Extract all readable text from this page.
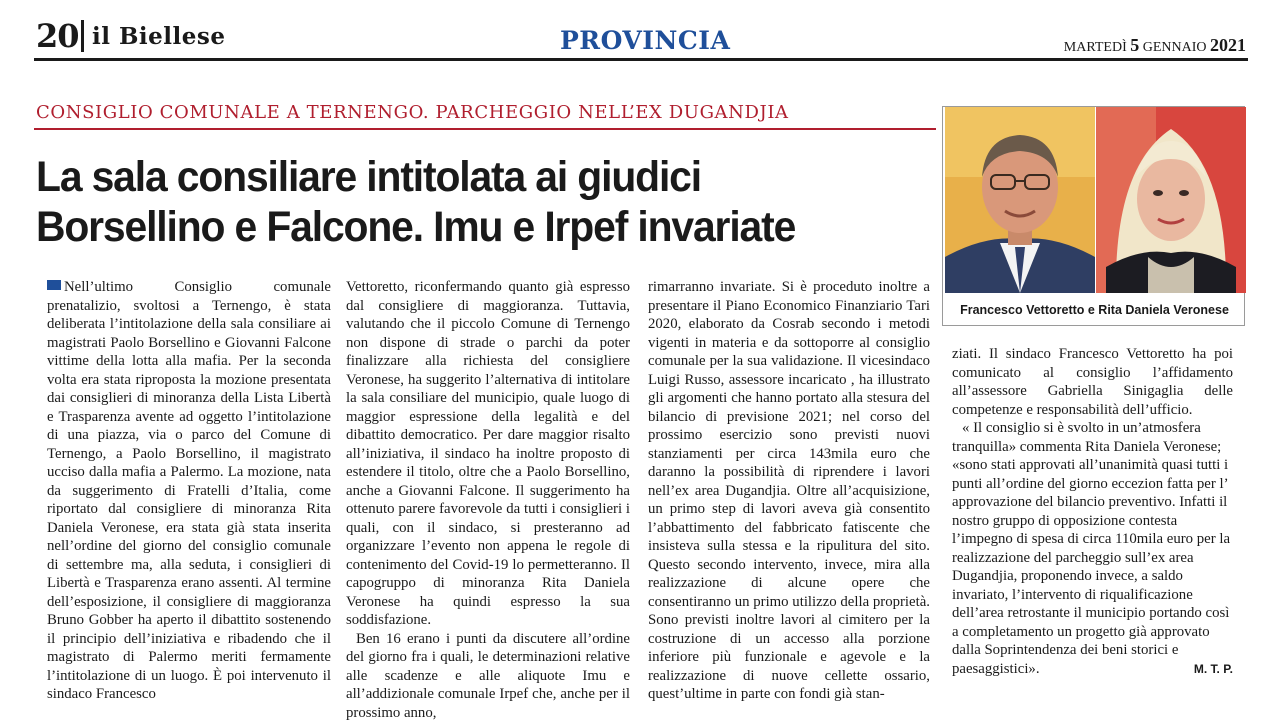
20 il Biellese	PROVINCIA	MARTEDÌ 5 GENNAIO 2021
CONSIGLIO COMUNALE A TERNENGO. PARCHEGGIO NELL’EX DUGANDJIA
La sala consiliare intitolata ai giudici
Borsellino e Falcone. Imu e Irpef invariate
Francesco Vettoretto e Rita Daniela Veronese
Nell’ultimo Consiglio comunale prenatalizio, svoltosi a Ternengo, è stata deliberata l’intitolazione della sala consiliare ai magistrati Paolo Borsellino e Giovanni Falcone vittime della lotta alla mafia. Per la seconda volta era stata riproposta la mozione presentata dai consiglieri di minoranza della Lista Libertà e Trasparenza avente ad oggetto l’intitolazione di una piazza, via o parco del Comune di Ternengo, a Paolo Borsellino, il magistrato ucciso dalla mafia a Palermo. La mozione, nata da suggerimento di Fratelli d’Italia, come riportato dal consigliere di minoranza Rita Daniela Veronese, era stata già stata inserita nell’ordine del giorno del consiglio comunale di settembre ma, alla seduta, i consiglieri di Libertà e Trasparenza erano assenti. Al termine dell’esposizione, il consigliere di maggioranza Bruno Gobber ha aperto il dibattito sostenendo il principio dell’iniziativa e ribadendo che il magistrato di Palermo meriti fermamente l’intitolazione di un luogo. È poi intervenuto il sindaco Francesco
Vettoretto, riconfermando quanto già espresso dal consigliere di maggioranza. Tuttavia, valutando che il piccolo Comune di Ternengo non dispone di strade o parchi da poter finalizzare alla richiesta del consigliere Veronese, ha suggerito l’alternativa di intitolare la sala consiliare del municipio, quale luogo di maggior espressione della legalità e del dibattito democratico. Per dare maggior risalto all’iniziativa, il sindaco ha inoltre proposto di estendere il titolo, oltre che a Paolo Borsellino, anche a Giovanni Falcone. Il suggerimento ha ottenuto parere favorevole da tutti i consiglieri i quali, con il sindaco, si presteranno ad organizzare l’evento non appena le regole di contenimento del Covid-19 lo permetteranno. Il capogruppo di minoranza Rita Daniela Veronese ha quindi espresso la sua soddisfazione.
Ben 16 erano i punti da discutere all’ordine del giorno fra i quali, le determinazioni relative alle scadenze e alle aliquote Imu e all’addizionale comunale Irpef che, anche per il prossimo anno,
rimarranno invariate. Si è proceduto inoltre a presentare il Piano Economico Finanziario Tari 2020, elaborato da Cosrab secondo i metodi vigenti in materia e da sottoporre al consiglio comunale per la sua validazione. Il vicesindaco Luigi Russo, assessore incaricato , ha illustrato gli argomenti che hanno portato alla stesura del bilancio di previsione 2021; nel corso del prossimo esercizio sono previsti nuovi stanziamenti per circa 143mila euro che daranno la possibilità di riprendere i lavori nell’ex area Dugandjia. Oltre all’acquisizione, un primo step di lavori aveva già consentito l’abbattimento del fabbricato fatiscente che insisteva sulla stessa e la ripulitura del sito. Questo secondo intervento, invece, mira alla realizzazione di alcune opere che consentiranno un primo utilizzo della proprietà. Sono previsti inoltre lavori al cimitero per la costruzione di un accesso alla porzione inferiore più funzionale e agevole e la realizzazione di nuove cellette ossario, quest’ultime in parte con fondi già stan-
ziati. Il sindaco Francesco Vettoretto ha poi comunicato al consiglio l’affidamento all’assessore Gabriella Sinigaglia delle competenze e responsabilità dell’ufficio.
« Il consiglio si è svolto in un’atmosfera tranquilla» commenta Rita Daniela Veronese; «sono stati approvati all’unanimità quasi tutti i punti all’ordine del giorno eccezion fatta per l’ approvazione del bilancio preventivo. Infatti il nostro gruppo di opposizione contesta l’impegno di spesa di circa 110mila euro per la realizzazione del parcheggio sull’ex area Dugandjia, proponendo invece, a saldo invariato, l’intervento di riqualificazione dell’area retrostante il municipio portando così a completamento un progetto già approvato dalla Soprintendenza dei beni storici e paesaggistici».	M. T. P.
